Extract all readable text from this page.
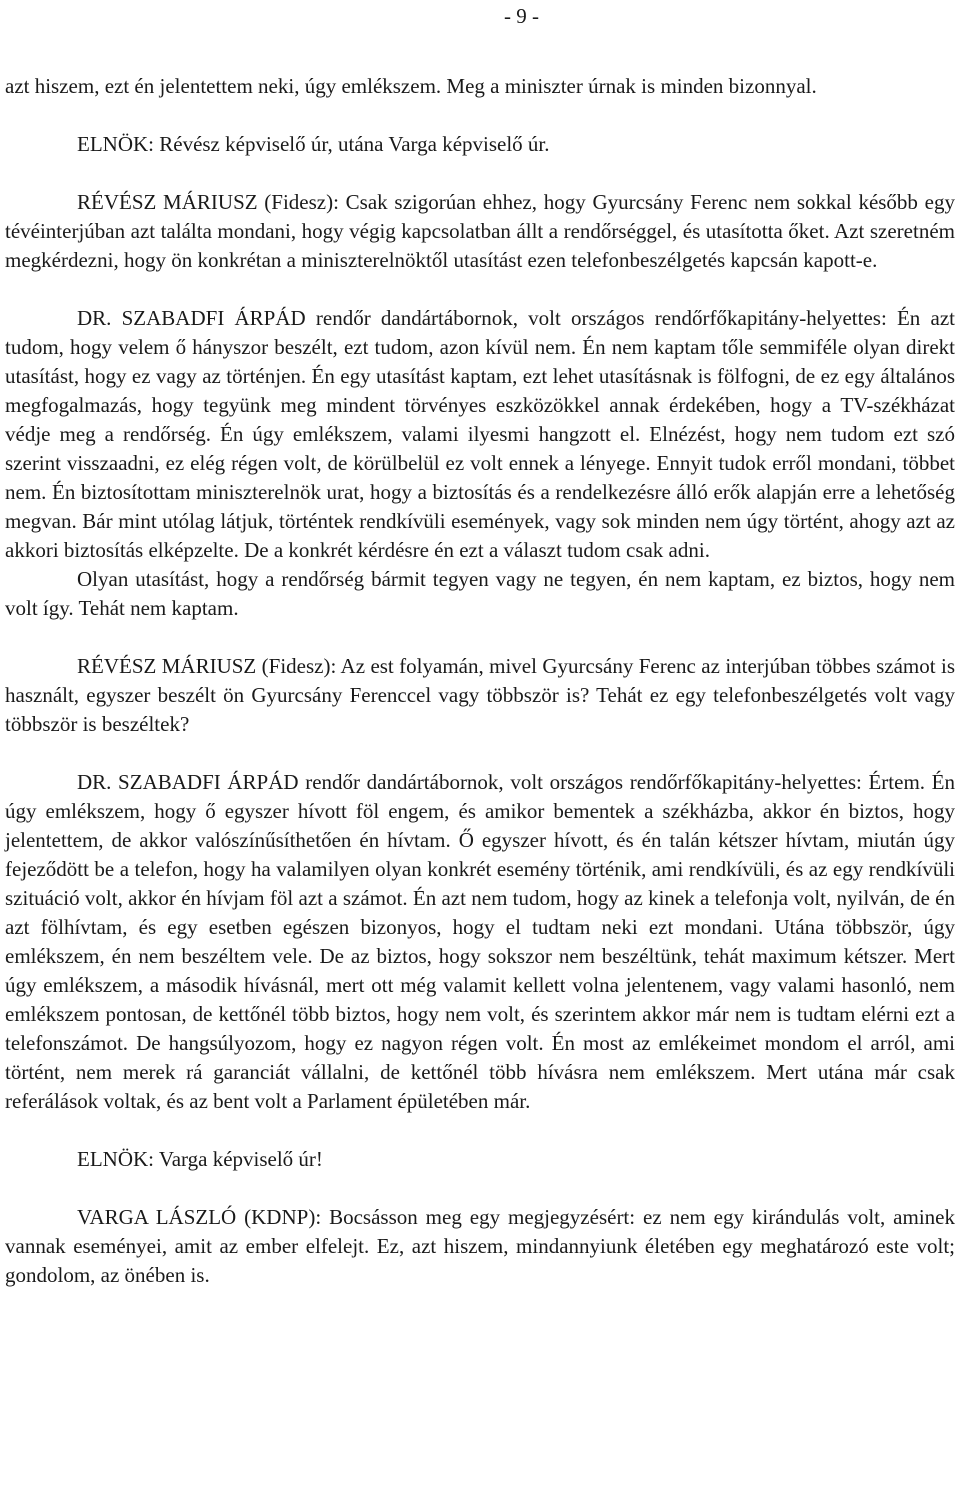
- 9 -

azt hiszem, ezt én jelentettem neki, úgy emlékszem. Meg a miniszter úrnak is minden bizonnyal.

ELNÖK: Révész képviselő úr, utána Varga képviselő úr.

RÉVÉSZ MÁRIUSZ (Fidesz): Csak szigorúan ehhez, hogy Gyurcsány Ferenc nem sokkal később egy tévéinterjúban azt találta mondani, hogy végig kapcsolatban állt a rendőrséggel, és utasította őket. Azt szeretném megkérdezni, hogy ön konkrétan a miniszterelnöktől utasítást ezen telefonbeszélgetés kapcsán kapott-e.

DR. SZABADFI ÁRPÁD rendőr dandártábornok, volt országos rendőrfőkapitány-helyettes: Én azt tudom, hogy velem ő hányszor beszélt, ezt tudom, azon kívül nem. Én nem kaptam tőle semmiféle olyan direkt utasítást, hogy ez vagy az történjen. Én egy utasítást kaptam, ezt lehet utasításnak is fölfogni, de ez egy általános megfogalmazás, hogy tegyünk meg mindent törvényes eszközökkel annak érdekében, hogy a TV-székházat védje meg a rendőrség. Én úgy emlékszem, valami ilyesmi hangzott el. Elnézést, hogy nem tudom ezt szó szerint visszaadni, ez elég régen volt, de körülbelül ez volt ennek a lényege. Ennyit tudok erről mondani, többet nem. Én biztosítottam miniszterelnök urat, hogy a biztosítás és a rendelkezésre álló erők alapján erre a lehetőség megvan. Bár mint utólag látjuk, történtek rendkívüli események, vagy sok minden nem úgy történt, ahogy azt az akkori biztosítás elképzelte. De a konkrét kérdésre én ezt a választ tudom csak adni.

Olyan utasítást, hogy a rendőrség bármit tegyen vagy ne tegyen, én nem kaptam, ez biztos, hogy nem volt így. Tehát nem kaptam.

RÉVÉSZ MÁRIUSZ (Fidesz): Az est folyamán, mivel Gyurcsány Ferenc az interjúban többes számot is használt, egyszer beszélt ön Gyurcsány Ferenccel vagy többször is? Tehát ez egy telefonbeszélgetés volt vagy többször is beszéltek?

DR. SZABADFI ÁRPÁD rendőr dandártábornok, volt országos rendőrfőkapitány-helyettes: Értem. Én úgy emlékszem, hogy ő egyszer hívott föl engem, és amikor bementek a székházba, akkor én biztos, hogy jelentettem, de akkor valószínűsíthetően én hívtam. Ő egyszer hívott, és én talán kétszer hívtam, miután úgy fejeződött be a telefon, hogy ha valamilyen olyan konkrét esemény történik, ami rendkívüli, és az egy rendkívüli szituáció volt, akkor én hívjam föl azt a számot. Én azt nem tudom, hogy az kinek a telefonja volt, nyilván, de én azt fölhívtam, és egy esetben egészen bizonyos, hogy el tudtam neki ezt mondani. Utána többször, úgy emlékszem, én nem beszéltem vele. De az biztos, hogy sokszor nem beszéltünk, tehát maximum kétszer. Mert úgy emlékszem, a második hívásnál, mert ott még valamit kellett volna jelentenem, vagy valami hasonló, nem emlékszem pontosan, de kettőnél több biztos, hogy nem volt, és szerintem akkor már nem is tudtam elérni ezt a telefonszámot. De hangsúlyozom, hogy ez nagyon régen volt. Én most az emlékeimet mondom el arról, ami történt, nem merek rá garanciát vállalni, de kettőnél több hívásra nem emlékszem. Mert utána már csak referálások voltak, és az bent volt a Parlament épületében már.

ELNÖK: Varga képviselő úr!

VARGA LÁSZLÓ (KDNP): Bocsásson meg egy megjegyzésért: ez nem egy kirándulás volt, aminek vannak eseményei, amit az ember elfelejt. Ez, azt hiszem, mindannyiunk életében egy meghatározó este volt; gondolom, az önében is.
